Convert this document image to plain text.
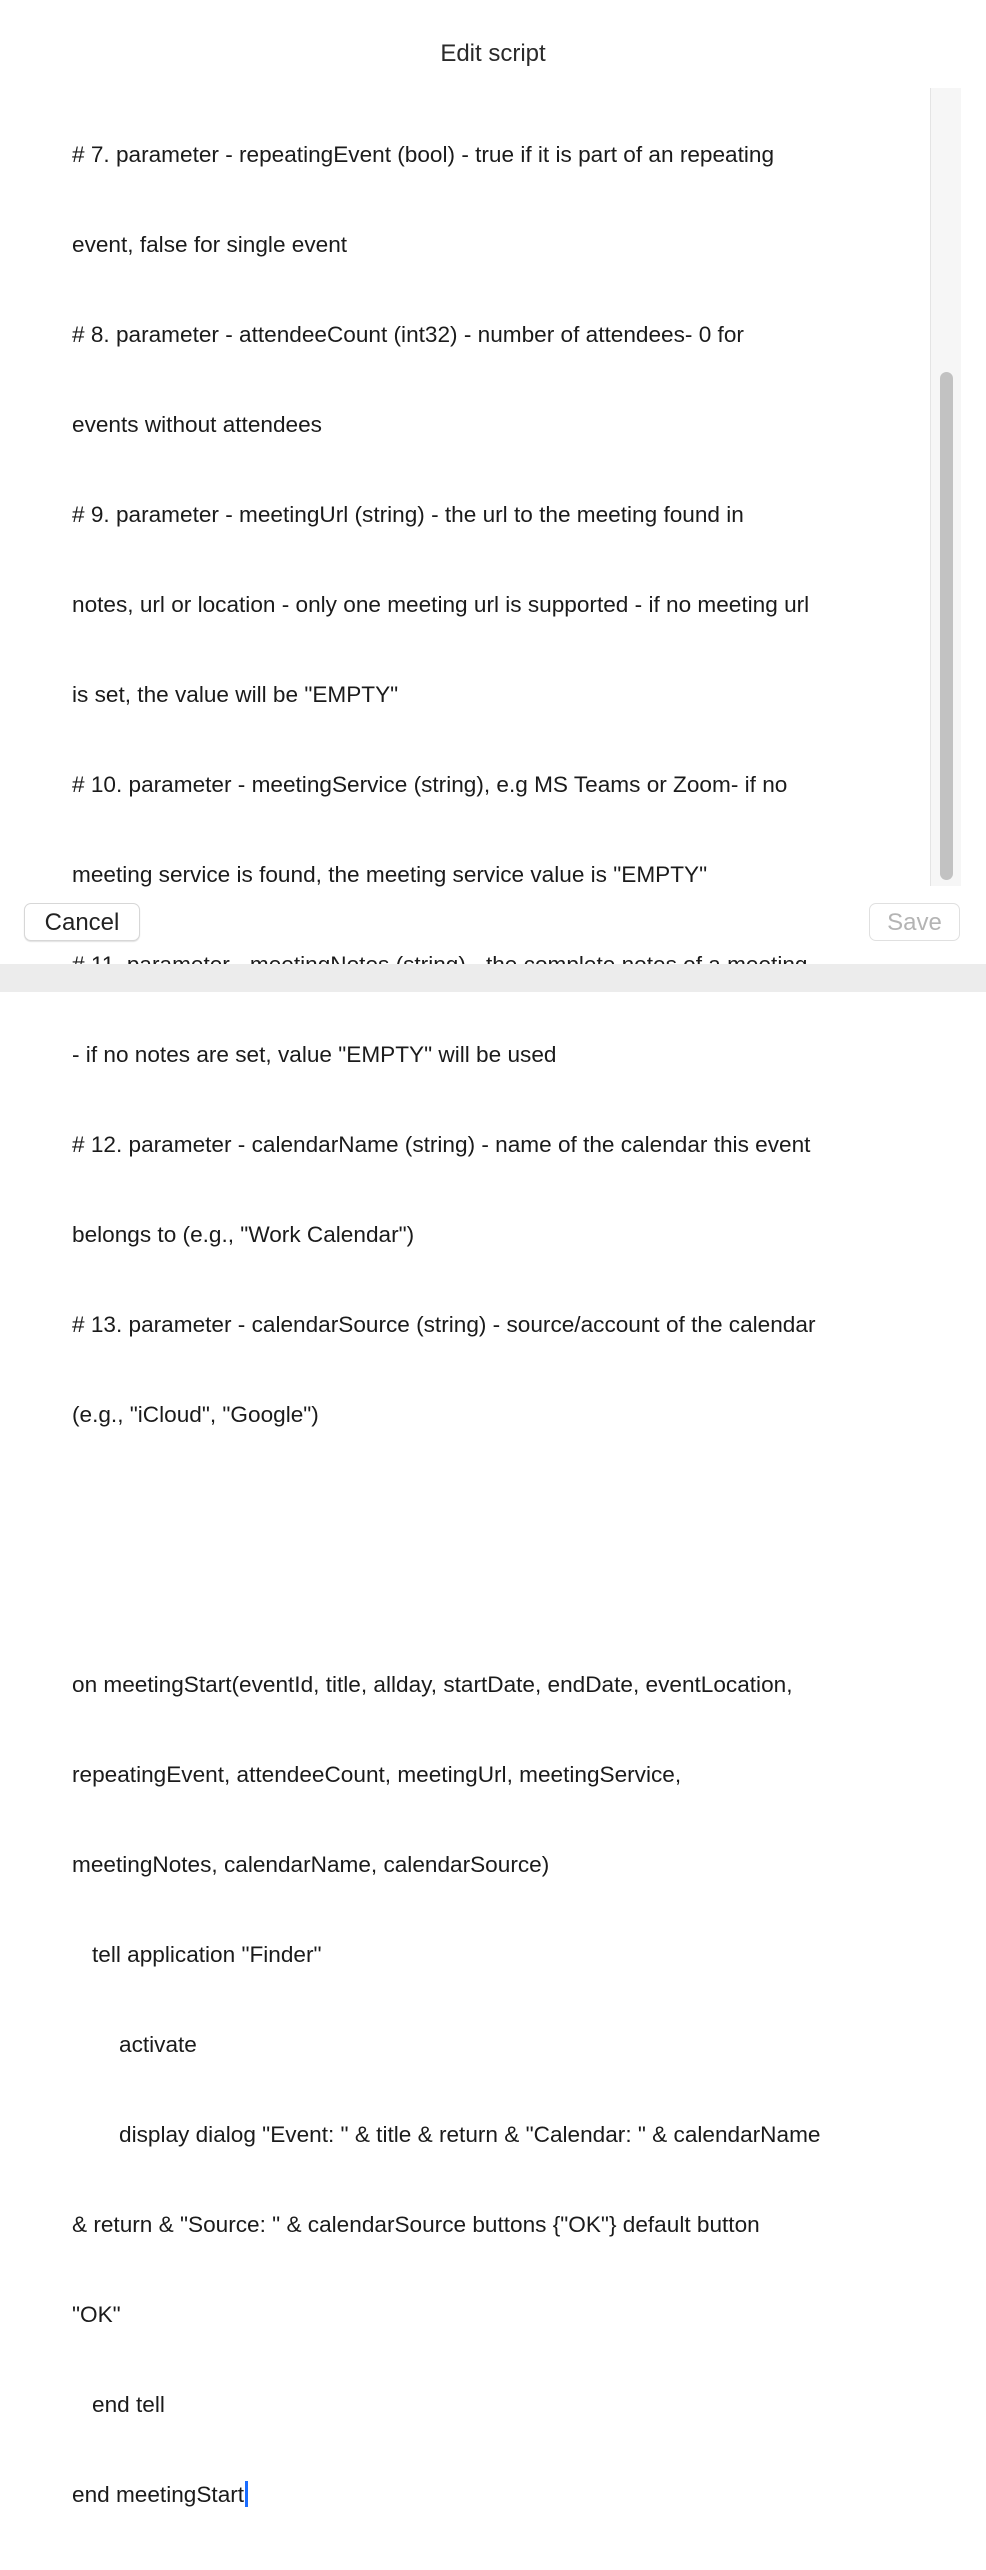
Edit script

# 7. parameter - repeatingEvent (bool) - true if it is part of an repeating

event, false for single event

# 8. parameter - attendeeCount (int32) - number of attendees- 0 for

events without attendees

# 9. parameter - meetingUrl (string) - the url to the meeting found in

notes, url or location - only one meeting url is supported - if no meeting url

is set, the value will be "EMPTY"

# 10. parameter - meetingService (string), e.g MS Teams or Zoom- if no

meeting service is found, the meeting service value is "EMPTY"

- if no notes are set, value "EMPTY" will be used

# 12. parameter - calendarName (string) - name of the calendar this event

belongs to (e.g., "Work Calendar")

# 13. parameter - calendarSource (string) - source/account of the calendar

(e.g., "iCloud", "Google")

on meetingStart(eventId, title, allday, startDate, endDate, eventLocation,

repeatingEvent, attendeeCount, meetingUrl, meetingService,

meetingNotes, calendarName, calendarSource)

tell application "Finder"

activate

display dialog "Event: " & title & return & "Calendar: " & calendarName

& return & "Source: " & calendarSource buttons {"OK"} default button

"OK"

end tell

end meetingStart

Cancel	Save
